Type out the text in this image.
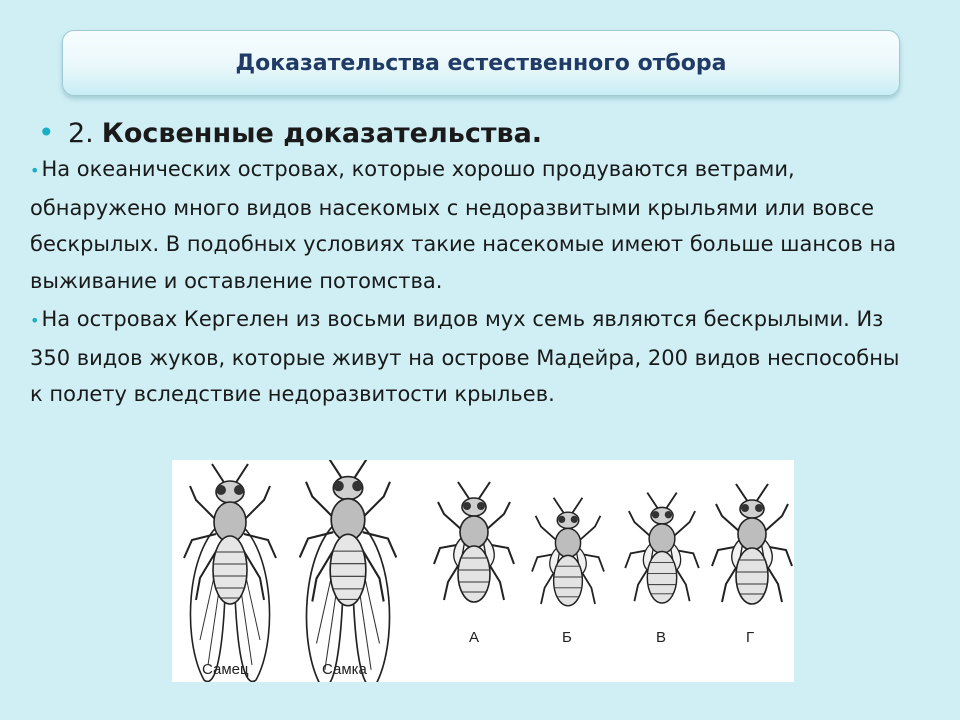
Доказательства естественного отбора
• 2. Косвенные доказательства.
•На океанических островах, которые хорошо продуваются ветрами, обнаружено много видов насекомых с недоразвитыми крыльями или вовсе бескрылых. В подобных условиях такие насекомые имеют больше шансов на выживание и оставление потомства.
•На островах Кергелен из восьми видов мух семь являются бескрылыми. Из 350 видов жуков, которые живут на острове Мадейра, 200 видов неспособны к полету вследствие недоразвитости крыльев.
Самец	Самка
А	Б	В	Г
